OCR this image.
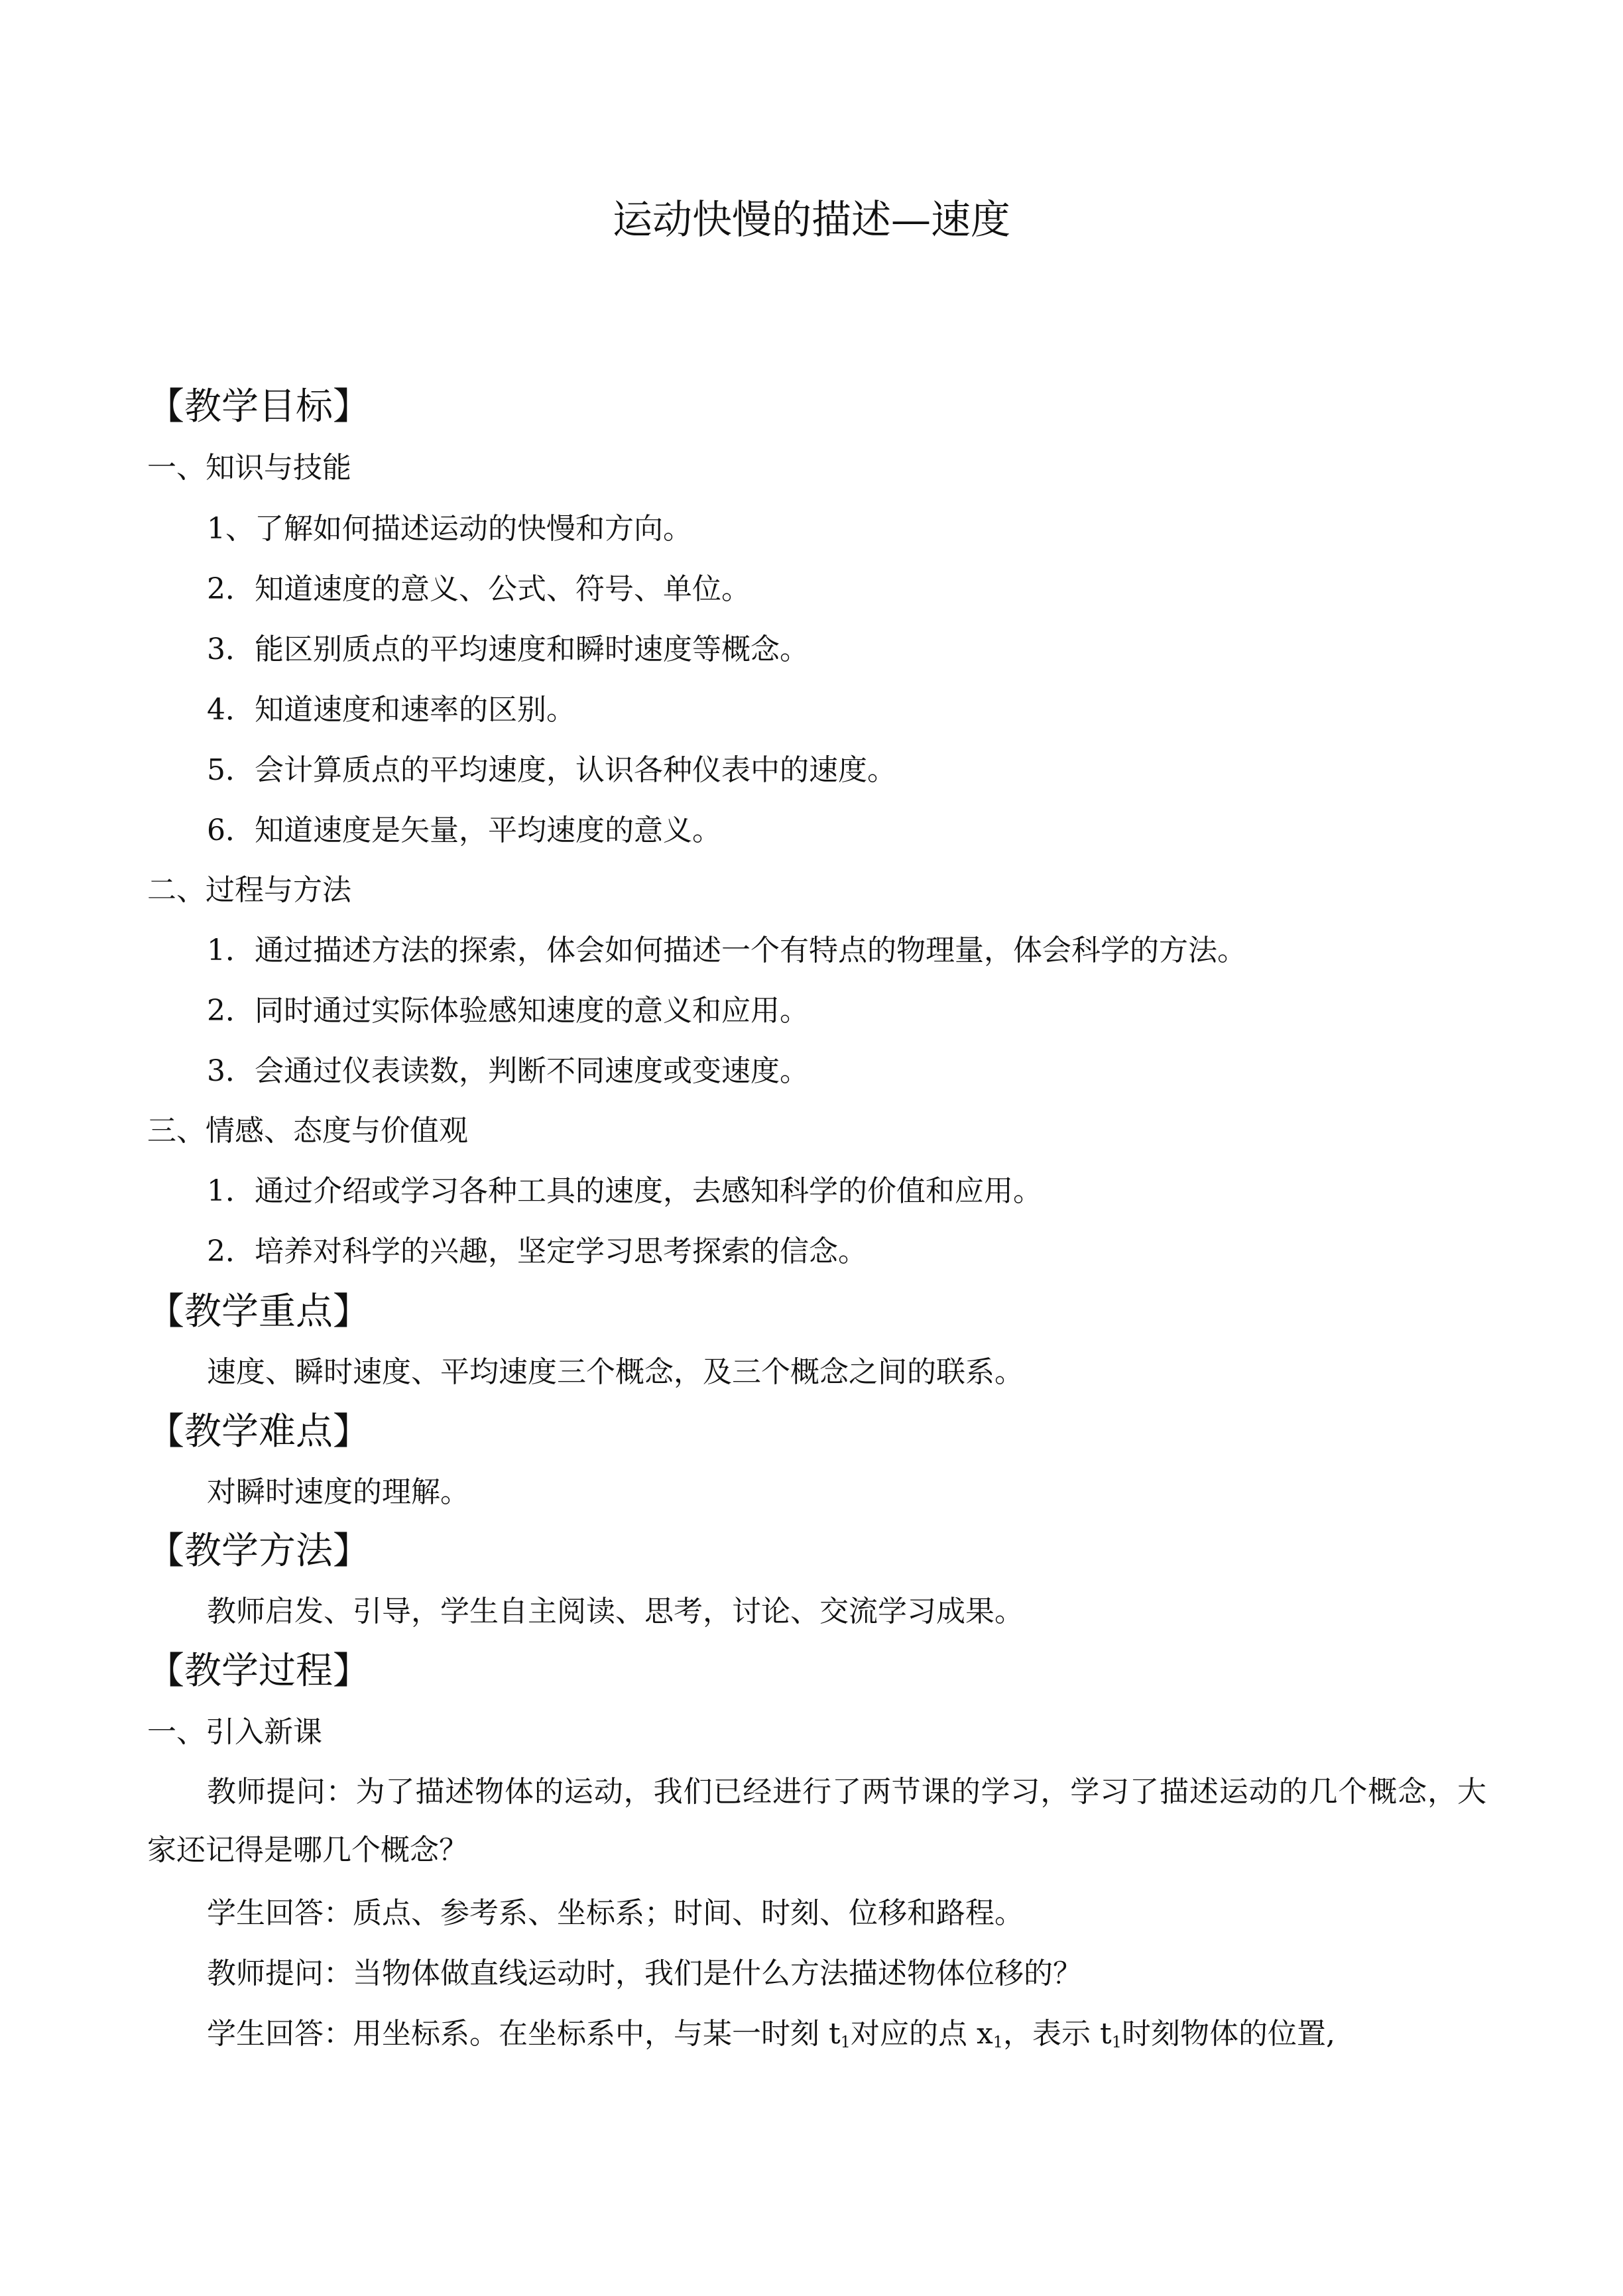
运动快慢的描述—速度
【教学目标】
一、知识与技能
1、了解如何描述运动的快慢和方向。
2．知道速度的意义、公式、符号、单位。
3．能区别质点的平均速度和瞬时速度等概念。
4．知道速度和速率的区别。
5．会计算质点的平均速度，认识各种仪表中的速度。
6．知道速度是矢量，平均速度的意义。
二、过程与方法
1．通过描述方法的探索，体会如何描述一个有特点的物理量，体会科学的方法。
2．同时通过实际体验感知速度的意义和应用。
3．会通过仪表读数，判断不同速度或变速度。
三、情感、态度与价值观
1．通过介绍或学习各种工具的速度，去感知科学的价值和应用。
2．培养对科学的兴趣，坚定学习思考探索的信念。
【教学重点】
速度、瞬时速度、平均速度三个概念，及三个概念之间的联系。
【教学难点】
对瞬时速度的理解。
【教学方法】
教师启发、引导，学生自主阅读、思考，讨论、交流学习成果。
【教学过程】
一、引入新课
教师提问：为了描述物体的运动，我们已经进行了两节课的学习，学习了描述运动的几个概念，大家还记得是哪几个概念？
学生回答：质点、参考系、坐标系；时间、时刻、位移和路程。
教师提问：当物体做直线运动时，我们是什么方法描述物体位移的？
学生回答：用坐标系。在坐标系中，与某一时刻 $t_1$对应的点 $x_1$，表示 $t_1$时刻物体的位置,
